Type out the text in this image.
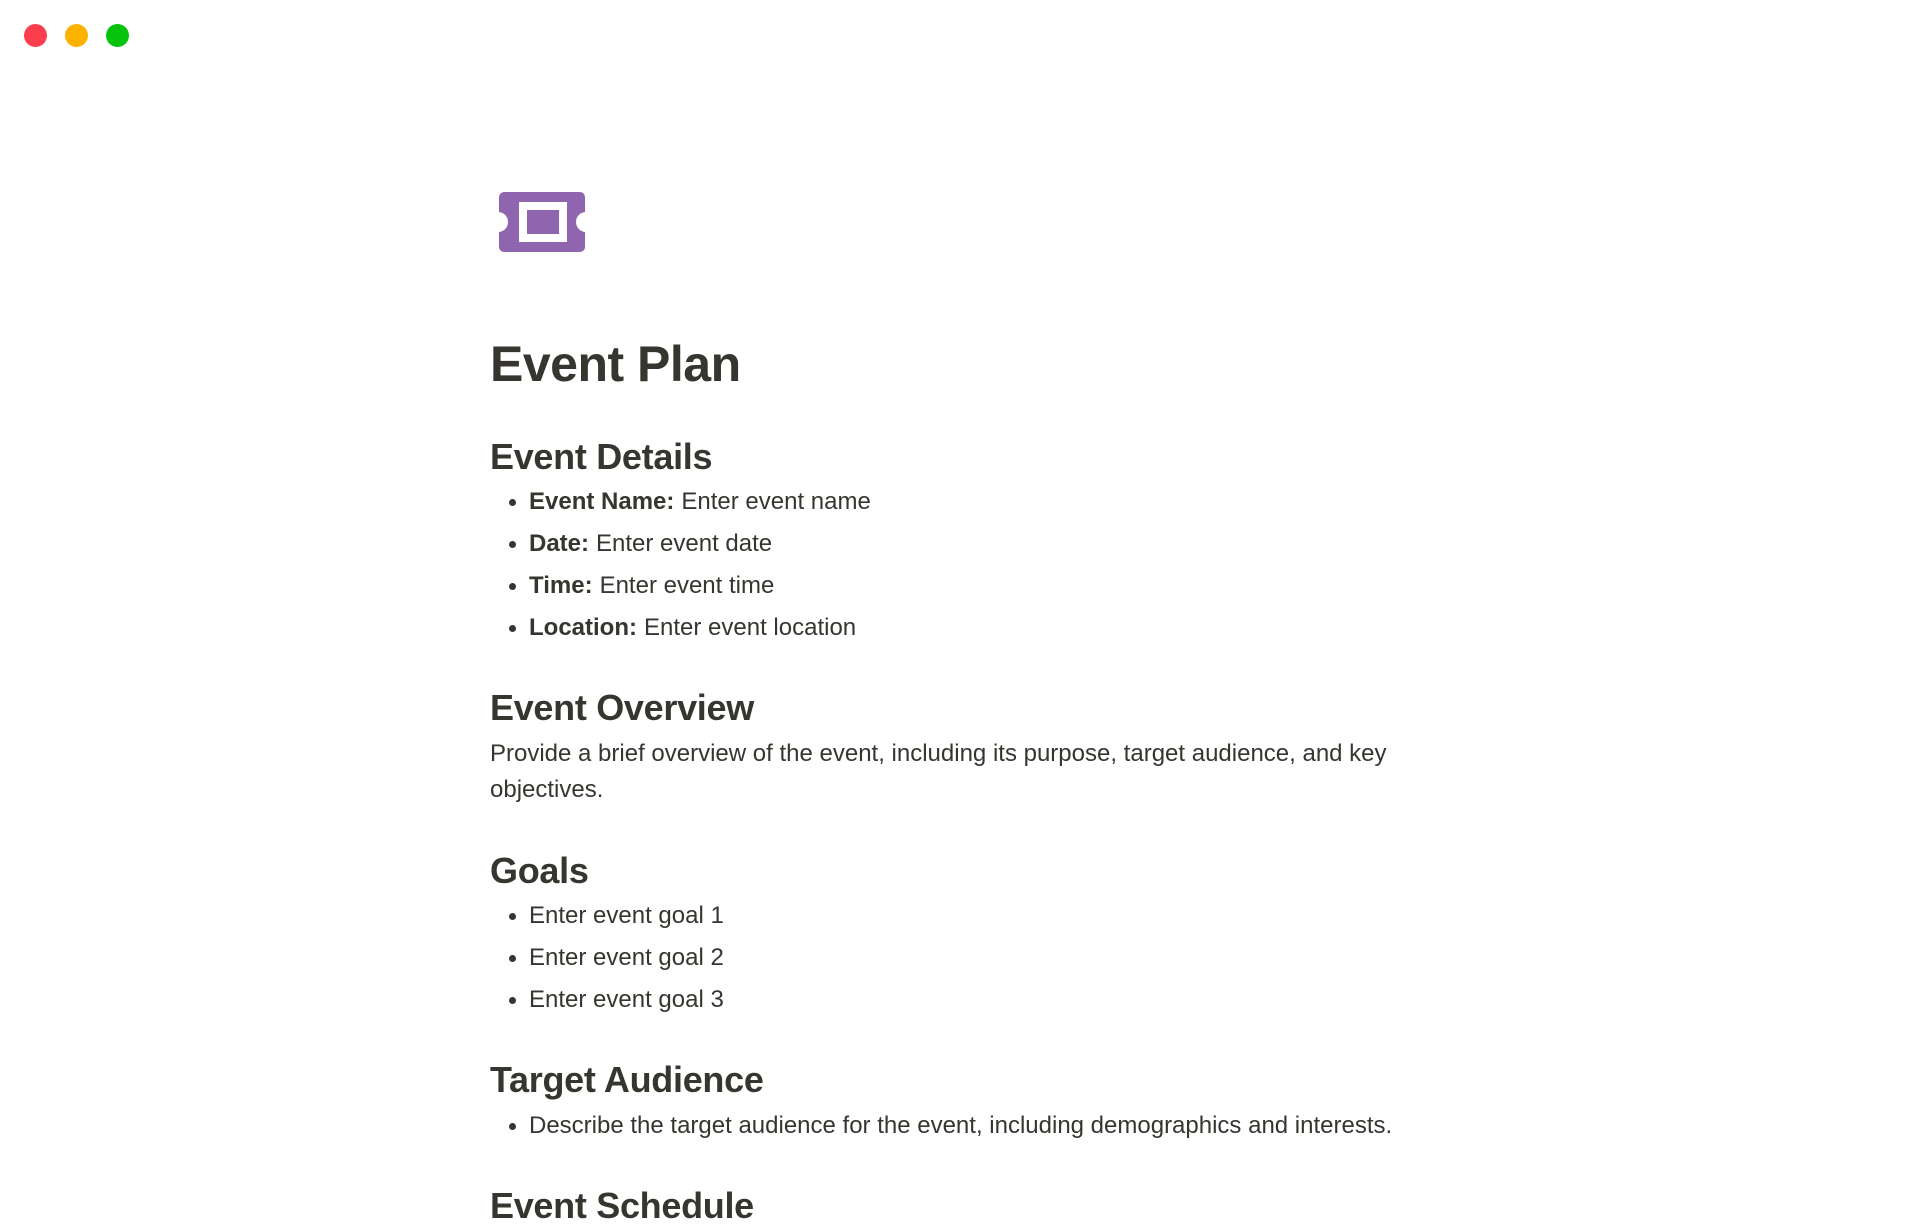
Event Plan
Event Details
• Event Name: Enter event name
• Date: Enter event date
• Time: Enter event time
• Location: Enter event location
Event Overview

Provide a brief overview of the event, including its purpose, target audience, and key objectives.

Goals
• Enter event goal 1
• Enter event goal 2
• Enter event goal 3
Target Audience
• Describe the target audience for the event, including demographics and interests.
Event Schedule
